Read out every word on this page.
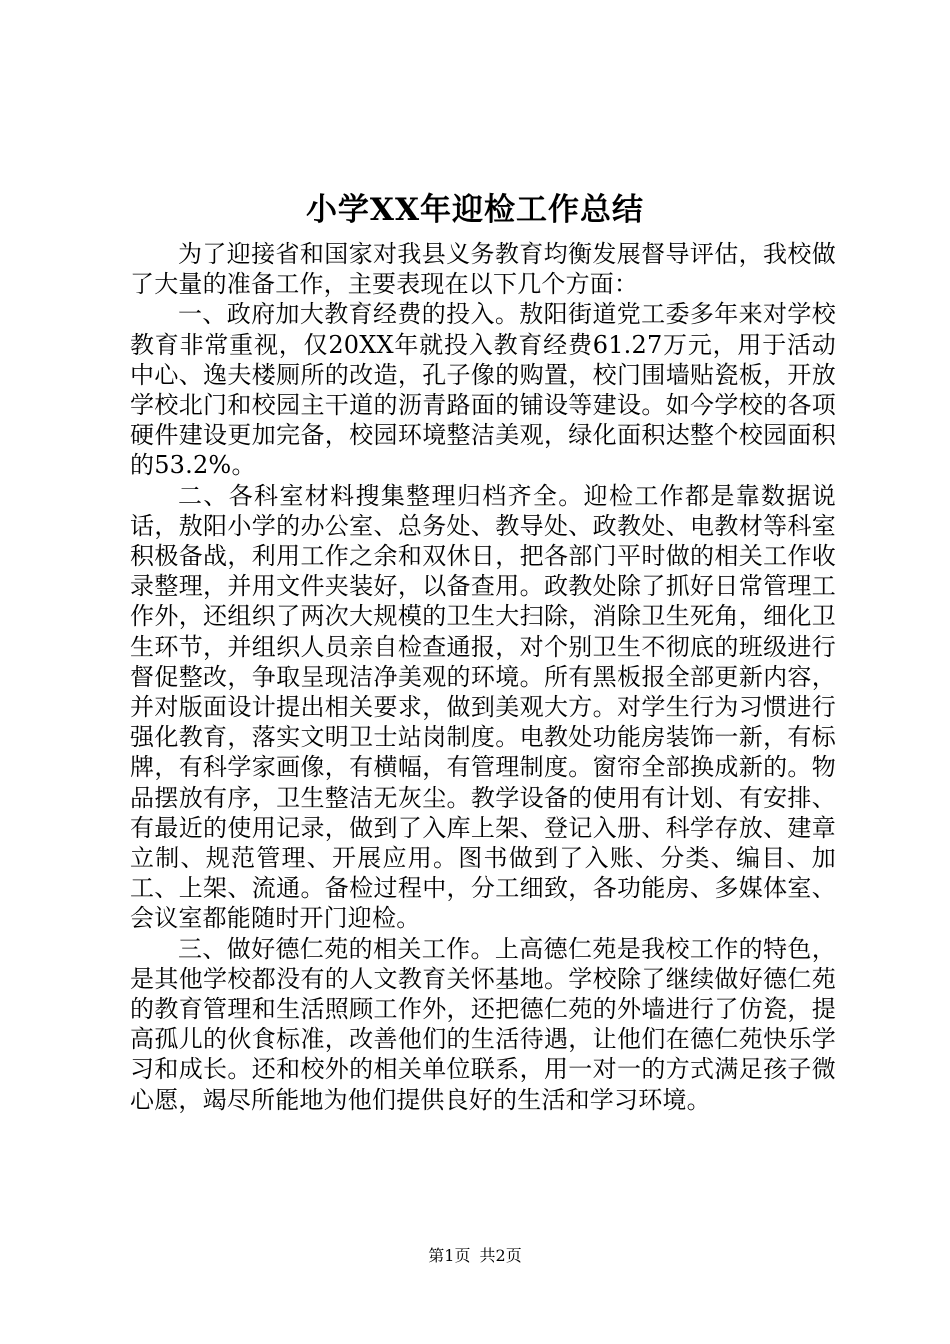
小学XX年迎检工作总结

为了迎接省和国家对我县义务教育均衡发展督导评估，我校做了大量的准备工作，主要表现在以下几个方面：

一、政府加大教育经费的投入。敖阳街道党工委多年来对学校教育非常重视，仅20XX年就投入教育经费61.27万元，用于活动中心、逸夫楼厕所的改造，孔子像的购置，校门围墙贴瓷板，开放学校北门和校园主干道的沥青路面的铺设等建设。如今学校的各项硬件建设更加完备，校园环境整洁美观，绿化面积达整个校园面积的53.2%。

二、各科室材料搜集整理归档齐全。迎检工作都是靠数据说话，敖阳小学的办公室、总务处、教导处、政教处、电教材等科室积极备战，利用工作之余和双休日，把各部门平时做的相关工作收录整理，并用文件夹装好，以备查用。政教处除了抓好日常管理工作外，还组织了两次大规模的卫生大扫除，消除卫生死角，细化卫生环节，并组织人员亲自检查通报，对个别卫生不彻底的班级进行督促整改，争取呈现洁净美观的环境。所有黑板报全部更新内容，并对版面设计提出相关要求，做到美观大方。对学生行为习惯进行强化教育，落实文明卫士站岗制度。电教处功能房装饰一新，有标牌，有科学家画像，有横幅，有管理制度。窗帘全部换成新的。物品摆放有序，卫生整洁无灰尘。教学设备的使用有计划、有安排、有最近的使用记录，做到了入库上架、登记入册、科学存放、建章立制、规范管理、开展应用。图书做到了入账、分类、编目、加工、上架、流通。备检过程中，分工细致，各功能房、多媒体室、会议室都能随时开门迎检。

三、做好德仁苑的相关工作。上高德仁苑是我校工作的特色，是其他学校都没有的人文教育关怀基地。学校除了继续做好德仁苑的教育管理和生活照顾工作外，还把德仁苑的外墙进行了仿瓷，提高孤儿的伙食标准，改善他们的生活待遇，让他们在德仁苑快乐学习和成长。还和校外的相关单位联系，用一对一的方式满足孩子微心愿，竭尽所能地为他们提供良好的生活和学习环境。

第1页 共2页
